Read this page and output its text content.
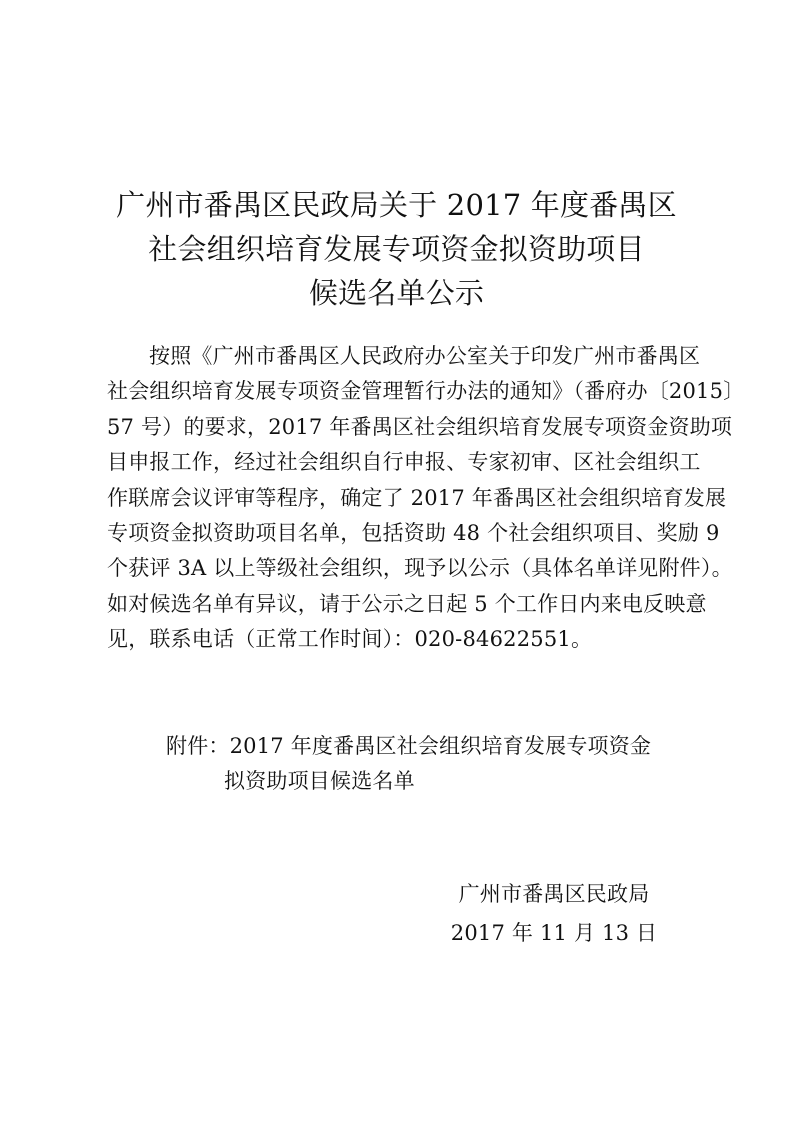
广州市番禺区民政局关于 2017 年度番禺区
社会组织培育发展专项资金拟资助项目
候选名单公示
按照《广州市番禺区人民政府办公室关于印发广州市番禺区
社会组织培育发展专项资金管理暂行办法的通知》（番府办〔2015〕
57 号）的要求，2017 年番禺区社会组织培育发展专项资金资助项
目申报工作，经过社会组织自行申报、专家初审、区社会组织工
作联席会议评审等程序，确定了 2017 年番禺区社会组织培育发展
专项资金拟资助项目名单，包括资助 48 个社会组织项目、奖励 9
个获评 3A 以上等级社会组织，现予以公示（具体名单详见附件）。
如对候选名单有异议，请于公示之日起 5 个工作日内来电反映意
见，联系电话（正常工作时间）：020-84622551。
附件：2017 年度番禺区社会组织培育发展专项资金
拟资助项目候选名单
广州市番禺区民政局
2017 年 11 月 13 日
